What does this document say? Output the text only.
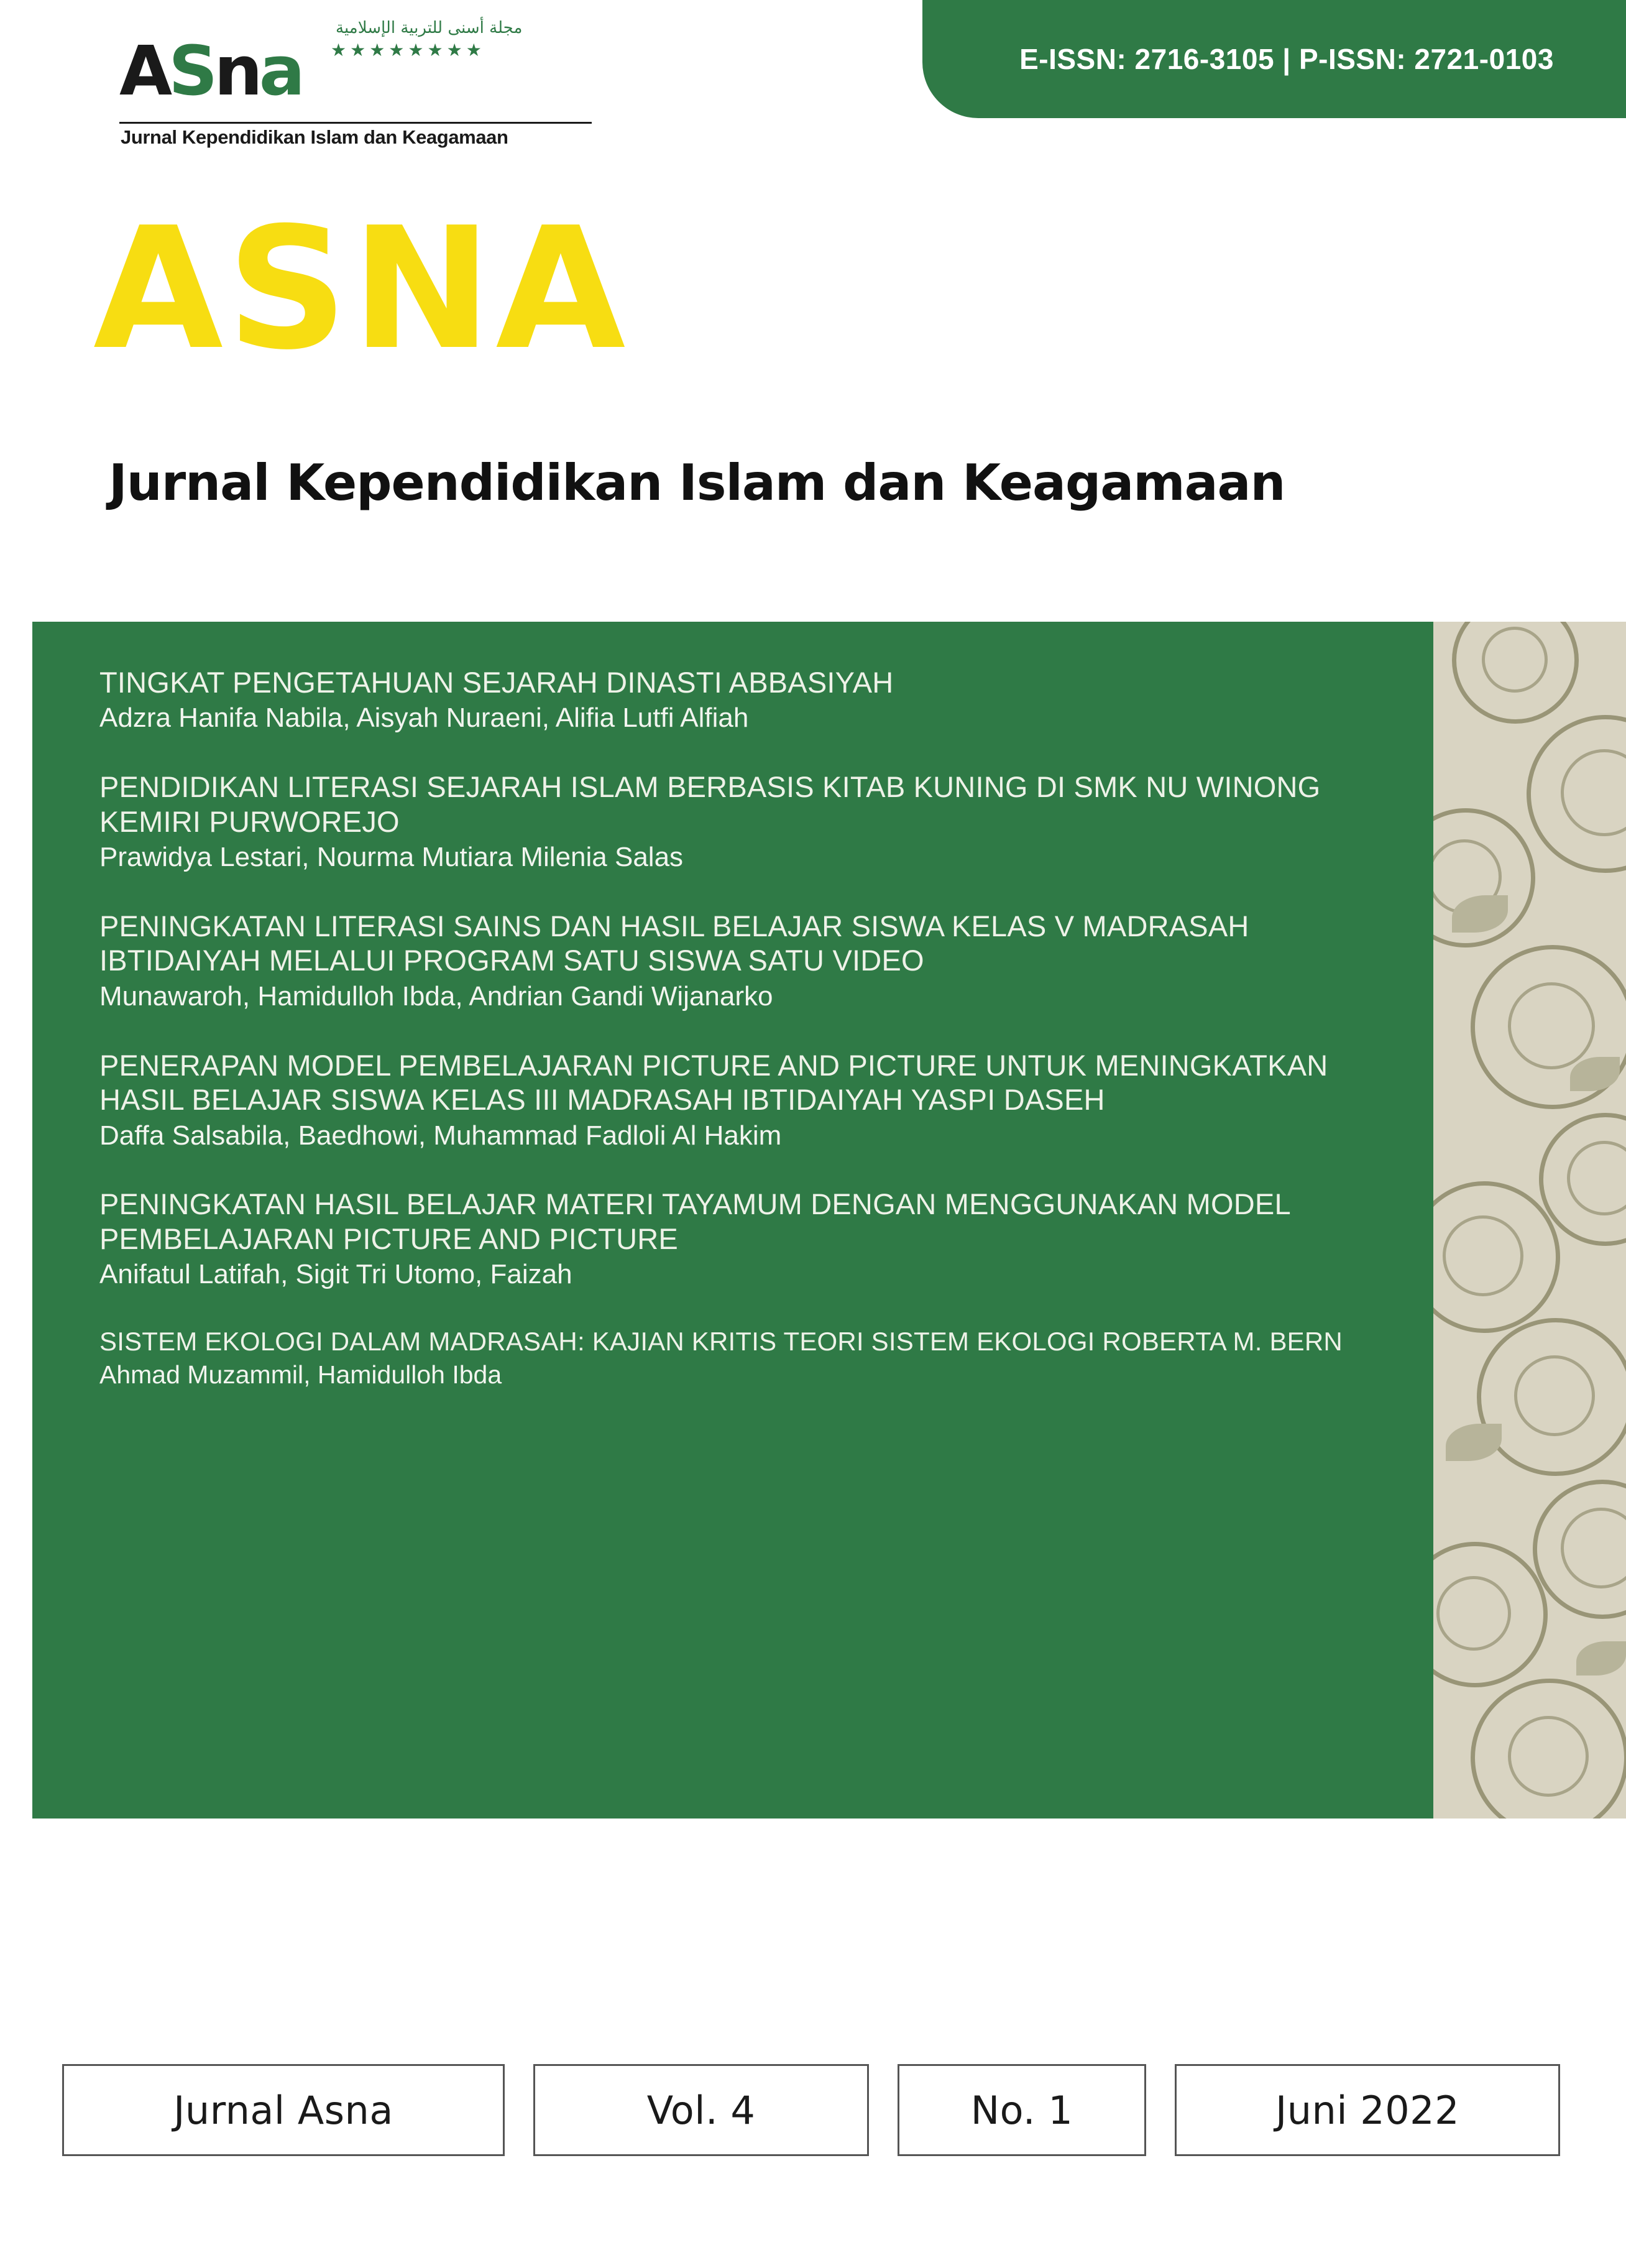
E-ISSN: 2716-3105 | P-ISSN: 2721-0103
مجلة أسنى للتربية الإسلامية
★★★★★★★★
ASna
Jurnal Kependidikan Islam dan Keagamaan
ASNA
Jurnal Kependidikan Islam dan Keagamaan
TINGKAT PENGETAHUAN SEJARAH DINASTI ABBASIYAH
Adzra Hanifa Nabila, Aisyah Nuraeni, Alifia Lutfi Alfiah
PENDIDIKAN LITERASI SEJARAH ISLAM BERBASIS KITAB KUNING DI SMK NU WINONG KEMIRI PURWOREJO
Prawidya Lestari, Nourma Mutiara Milenia Salas
PENINGKATAN LITERASI SAINS DAN HASIL BELAJAR SISWA KELAS V MADRASAH IBTIDAIYAH MELALUI PROGRAM SATU SISWA SATU VIDEO
Munawaroh, Hamidulloh Ibda, Andrian Gandi Wijanarko
PENERAPAN MODEL PEMBELAJARAN PICTURE AND PICTURE UNTUK MENINGKATKAN HASIL BELAJAR SISWA KELAS III MADRASAH IBTIDAIYAH YASPI DASEH
Daffa Salsabila, Baedhowi, Muhammad Fadloli Al Hakim
PENINGKATAN HASIL BELAJAR MATERI TAYAMUM DENGAN MENGGUNAKAN MODEL PEMBELAJARAN PICTURE AND PICTURE
Anifatul Latifah, Sigit Tri Utomo, Faizah
SISTEM EKOLOGI DALAM MADRASAH: KAJIAN KRITIS TEORI SISTEM EKOLOGI ROBERTA M. BERN
Ahmad Muzammil, Hamidulloh Ibda
Jurnal Asna	Vol. 4	No. 1	Juni 2022
